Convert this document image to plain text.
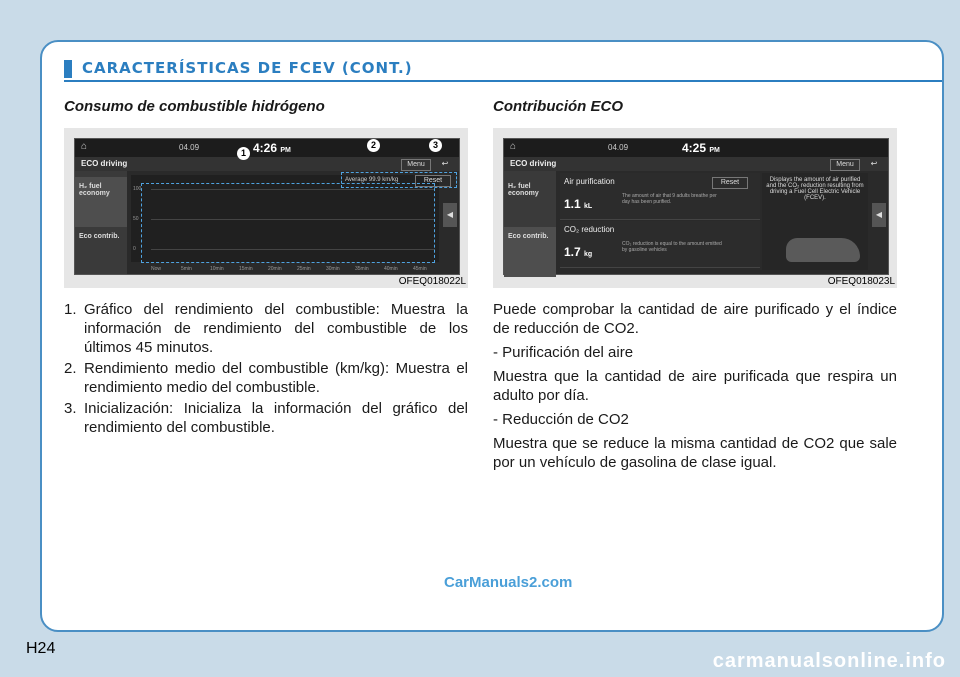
CARACTERÍSTICAS DE FCEV (CONT.)
Consumo de combustible hidrógeno
⌂	04.09	4:26 PM
ECO driving	Menu	↩
H₂ fuel economy
Eco contrib.
100
50
0
Now	5min	10min	15min	20min	25min	30min	35min	40min	45min
Average 99.9 km/kg	Reset
◀
1
2	3
OFEQ018022L
1. Gráfico del rendimiento del combustible: Muestra la información de rendimiento del combustible de los últimos 45 minutos.
2. Rendimiento medio del combustible (km/kg): Muestra el rendimiento medio del combustible.
3. Inicialización: Inicializa la información del gráfico del rendimiento del combustible.
Contribución ECO
⌂	04.09	4:25 PM
ECO driving	Menu	↩
H₂ fuel economy
Eco contrib.
Air purification	Reset
1.1 kL
The amount of air that 9 adults breathe per day has been purified.
CO₂ reduction
1.7 kg
CO₂ reduction is equal to the amount emitted by gasoline vehicles
Displays the amount of air purified and the CO₂ reduction resulting from driving a Fuel Cell Electric Vehicle (FCEV).
◀
OFEQ018023L

Puede comprobar la cantidad de aire purificado y el índice de reducción de CO2.

- Purificación del aire

Muestra que la cantidad de aire purificada que respira un adulto por día.

- Reducción de CO2

Muestra que se reduce la misma cantidad de CO2 que sale por un vehículo de gasolina de clase igual.

CarManuals2.com
H24
carmanualsonline.info
